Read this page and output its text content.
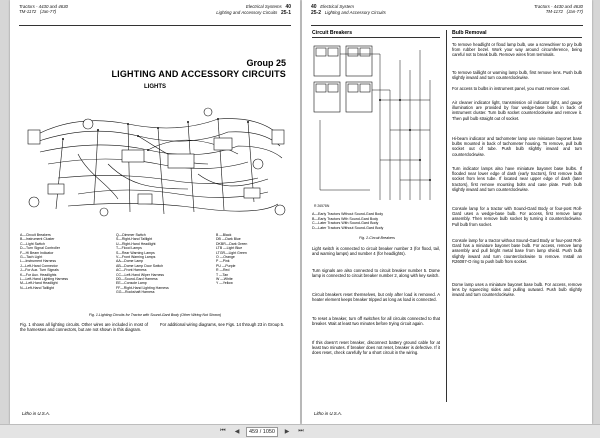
Tractors - 4430 and 4630
TM-1172 (Jan-77)
Electrical Systems 40
Lighting and Accessory Circuits 25-1
Group 25
LIGHTING AND ACCESSORY CIRCUITS
LIGHTS
A—Circuit Breakers
B—Instrument Cluster
C—Light Switch
D—Turn Signal Controller
F—Hi Beam Indicator
G—Tach Light
L—Instrument Harness
J—Left-Hand Connector
J—For Aux. Turn Signals
K—For Aux. Headlights
L—Left-Hand Lighting Harness
M—Left-Hand Headlight
N—Left-Hand Taillight
Q—Dimmer Switch
S—Right-Hand Taillight
U—Right-Hand Headlight
T—Flood Lamps
S—Rear Warning Lamps
V—Front Warning Lamps
AA—Dome Lamp
AB—Dome Lamp Door Switch
AC—Front Harness
CC—Left-Hand Wiper Harness
DD—Sound-Gard Harness
EE—Console Lamp
FF—Right-Hand Lighting Harness
GG—Rockshaft Harness
B —Black
DB —Dark Blue
DKBR—Dark Green
LTB —Light Blue
LTGR—Light Green
O —Orange
P —Pink
PU —Purple
R —Red
T —Tan
W —White
Y —Yellow
Fig. 1-Lighting Circuits for Tractor with Sound-Gard Body (Other Wiring Not Shown)
Fig. 1 shows all lighting circuits. Other wires are included in most of the harnesses and connectors, but are not shown in this diagram.
For additional wiring diagrams, see Figs. 14 through 23 in Group 5.
Litho in U.S.A.
40 Electrical System
25-2 Lighting and Accessory Circuits
Tractors - 4430 and 4630
TM-1172 (Jan-77)
Circuit Breakers	Bulb Removal
R 26578N
A—Early Tractors Without Sound-Gard Body
B—Early Tractors With Sound-Gard Body
C—Later Tractors With Sound-Gard Body
D—Later Tractors Without Sound-Gard Body
Fig. 2-Circuit Breakers
Light switch is connected to circuit breaker number 3 (for flood, tail, and warning lamps) and number 4 (for headlights).
Turn signals are also connected to circuit breaker number 5. Dome lamp is connected to circuit breaker number 2, along with key switch.
Circuit breakers reset themselves, but only after load is removed. A heater element keeps breaker tripped as long as load is connected.
To reset a breaker, turn off switches for all circuits connected to that breaker. Wait at least two minutes before trying circuit again.
If this doesn't reset breaker, disconnect battery ground cable for at least two minutes. If breaker does not reset, breaker is defective. If it does reset, check carefully for a short circuit in the wiring.
To remove headlight or flood lamp bulb, use a screwdriver to pry bulb from rubber bezel. Work your way around circumference, being careful not to break bulb. Remove wires from terminals.
To remove taillight or warning lamp bulb, first remove lens. Push bulb slightly inward and turn counterclockwise.
For access to bulbs in instrument panel, you must remove cowl.
Air cleaner indicator light, transmission oil indicator light, and gauge illumination are provided by four wedge-base bulbs in back of instrument cluster. Turn bulb socket counterclockwise and remove it. Then pull bulb straight out of socket.
Hi-beam indicator and tachometer lamp use miniature bayonet base bulbs mounted in back of tachometer housing. To remove, pull bulb socket out of tube. Push bulb slightly inward and turn counterclockwise.
Turn indicator lamps also have miniature bayonet base bulbs. If flooded near lower edge of dash (early tractors), first remove bulb socket from lens tube. If located near upper edge of dash (later tractors), first remove mounting bolts and case plate. Push bulb slightly inward and turn counterclockwise.
Console lamp for a tractor with Sound-Gard Body or four-post Roll-Gard uses a wedge-base bulb. For access, first remove lamp assembly. Then remove bulb socket by turning it counterclockwise. Pull bulb from socket.
Console lamp for a tractor without Sound-Gard Body or four-post Roll-Gard has a miniature bayonet base bulb. For access, remove lamp assembly and pull bright metal base from lamp shield. Push bulb slightly inward and turn counterclockwise to remove. Install an R26087-O ring to push bulb from socket.
Dome lamp uses a miniature bayonet base bulb. For access, remove lens by squeezing sides and pulling outward. Push bulb slightly inward and turn counterclockwise.
Litho in U.S.A.
⏮	◀	459 / 1050	▶	⏭
